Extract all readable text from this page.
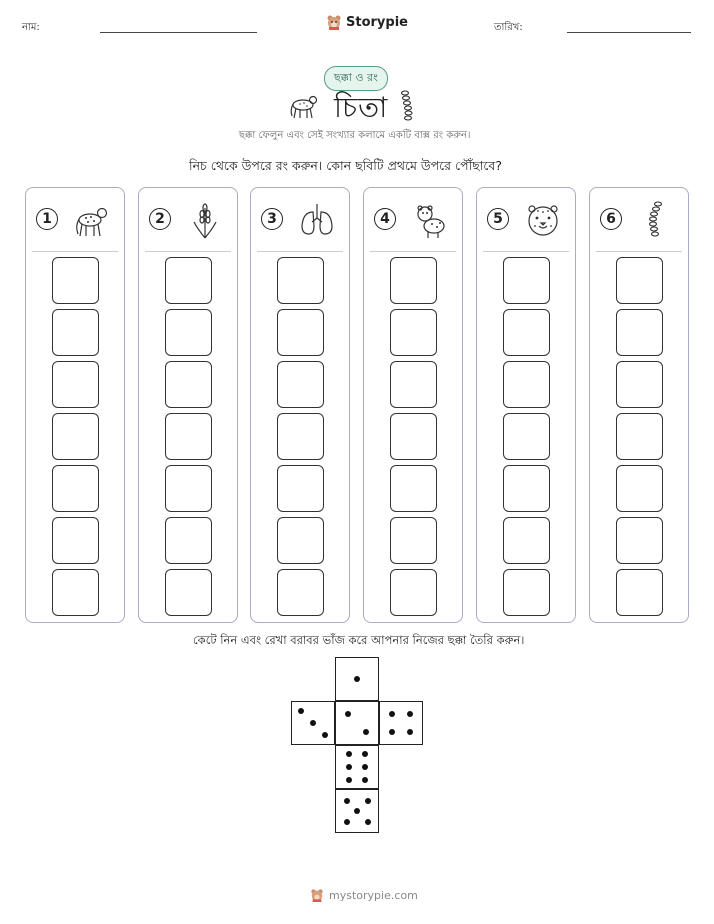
নাম:	Storypie	তারিখ:
ছক্কা ও রং
চিতা
ছক্কা ফেলুন এবং সেই সংখ্যার কলামে একটি বাক্স রং করুন।
নিচ থেকে উপরে রং করুন। কোন ছবিটি প্রথমে উপরে পৌঁছাবে?
1	2	3	4	5	6
কেটে নিন এবং রেখা বরাবর ভাঁজ করে আপনার নিজের ছক্কা তৈরি করুন।
mystorypie.com
